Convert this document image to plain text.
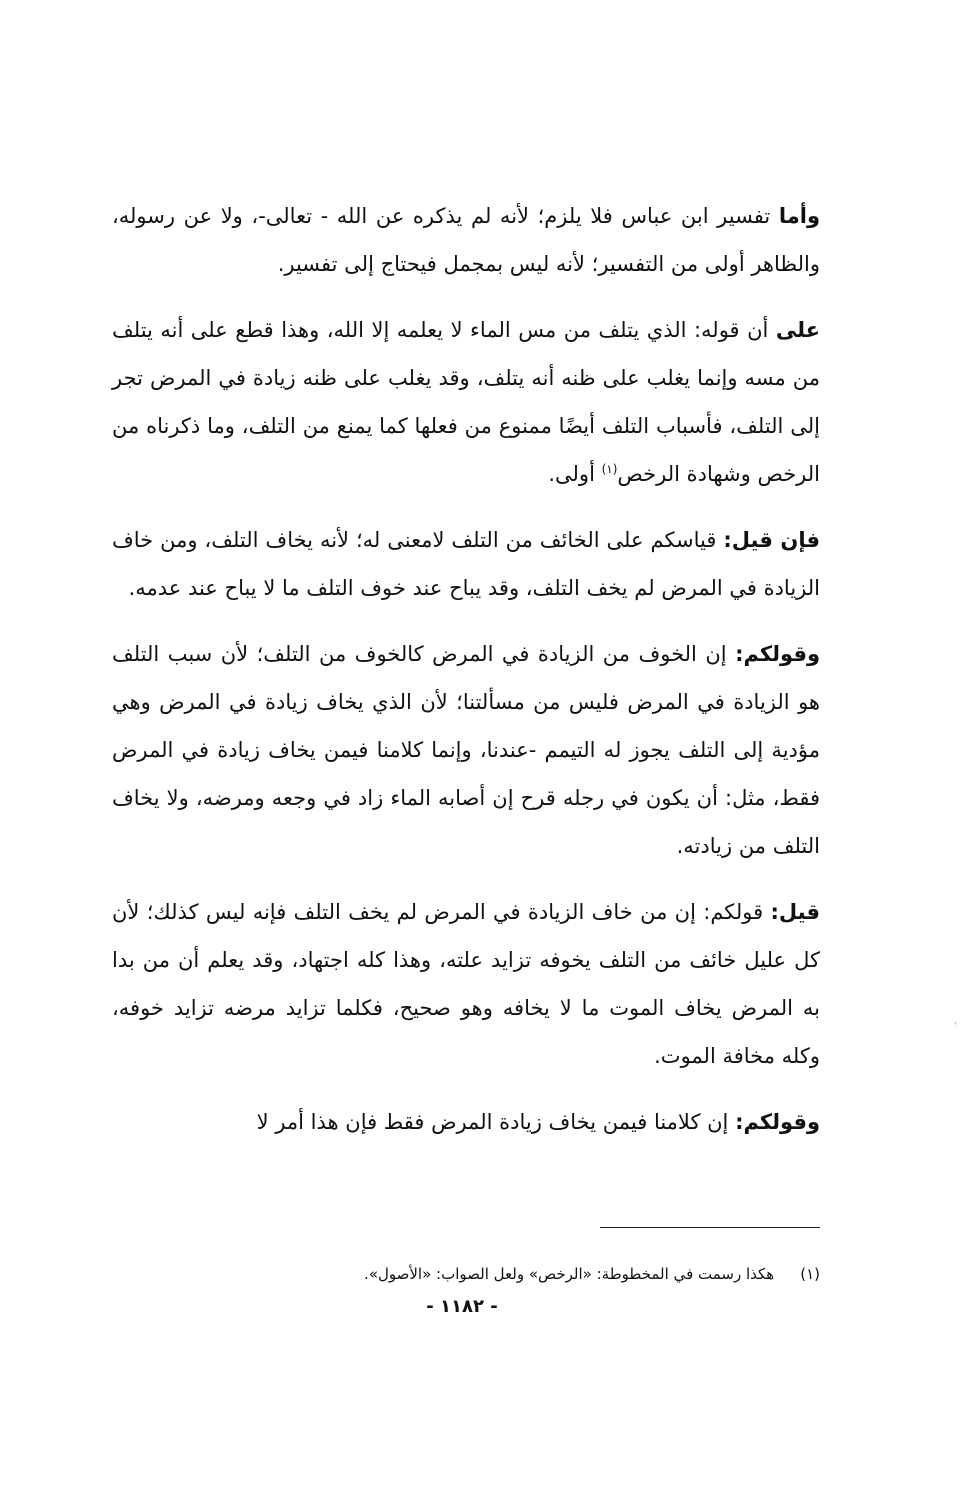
وأما تفسير ابن عباس فلا يلزم؛ لأنه لم يذكره عن الله - تعالى-، ولا عن رسوله، والظاهر أولى من التفسير؛ لأنه ليس بمجمل فيحتاج إلى تفسير.

على أن قوله: الذي يتلف من مس الماء لا يعلمه إلا الله، وهذا قطع على أنه يتلف من مسه وإنما يغلب على ظنه أنه يتلف، وقد يغلب على ظنه زيادة في المرض تجر إلى التلف، فأسباب التلف أيضًا ممنوع من فعلها كما يمنع من التلف، وما ذكرناه من الرخص وشهادة الرخص$^{(١)}$ أولى.

فإن قيل: قياسكم على الخائف من التلف لامعنى له؛ لأنه يخاف التلف، ومن خاف الزيادة في المرض لم يخف التلف، وقد يباح عند خوف التلف ما لا يباح عند عدمه.

وقولكم: إن الخوف من الزيادة في المرض كالخوف من التلف؛ لأن سبب التلف هو الزيادة في المرض فليس من مسألتنا؛ لأن الذي يخاف زيادة في المرض وهي مؤدية إلى التلف يجوز له التيمم -عندنا، وإنما كلامنا فيمن يخاف زيادة في المرض فقط، مثل: أن يكون في رجله قرح إن أصابه الماء زاد في وجعه ومرضه، ولا يخاف التلف من زيادته.

قيل: قولكم: إن من خاف الزيادة في المرض لم يخف التلف فإنه ليس كذلك؛ لأن كل عليل خائف من التلف يخوفه تزايد علته، وهذا كله اجتهاد، وقد يعلم أن من بدا به المرض يخاف الموت ما لا يخافه وهو صحيح، فكلما تزايد مرضه تزايد خوفه، وكله مخافة الموت.

وقولكم: إن كلامنا فيمن يخاف زيادة المرض فقط فإن هذا أمر لا

(١)هكذا رسمت في المخطوطة: «الرخص» ولعل الصواب: «الأصول».
- ١١٨٢ -
ˈ
